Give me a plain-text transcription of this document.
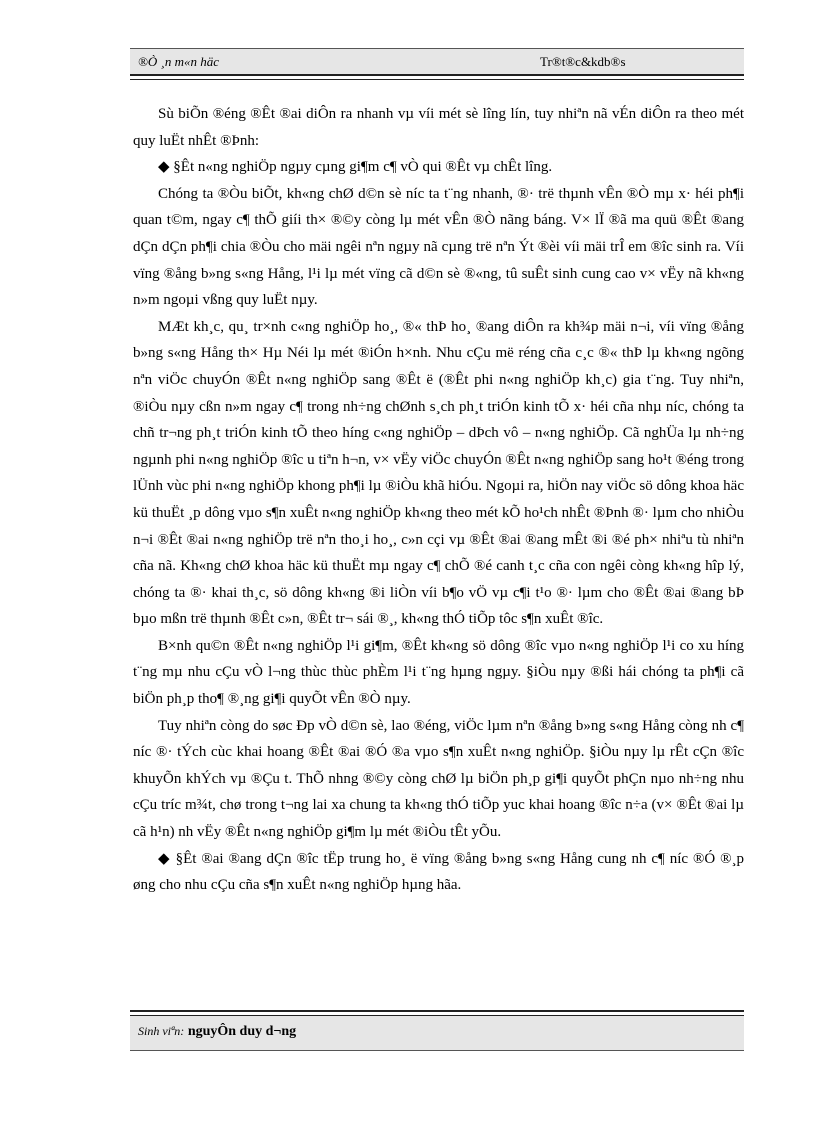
®Ò ¸n m«n häc	Tr®t®c&kdb®s

Sù biÕn ®éng ®Êt ®ai diÔn ra nhanh vµ víi mét sè lîng lín, tuy nhiªn nã vÉn diÔn ra theo mét quy luËt nhÊt ®Þnh:

◆ §Êt n«ng nghiÖp ngµy cµng gi¶m c¶ vÒ qui ®Êt vµ chÊt lîng.

Chóng ta ®Òu biÕt, kh«ng chØ d©n sè níc ta t¨ng nhanh, ®· trë thµnh vÊn ®Ò mµ x· héi ph¶i quan t©m, ngay c¶ thÕ giíi th× ®©y còng lµ mét vÊn ®Ò nãng báng. V× lÏ ®ã ma quü ®Êt ®ang dÇn dÇn ph¶i chia ®Òu cho mäi ngêi nªn ngµy nã cµng trë nªn Ýt ®èi víi mäi trÎ em ®îc sinh ra. Víi vïng ®ång b»ng s«ng Hång, l¹i lµ mét vïng cã d©n sè ®«ng, tû suÊt sinh cung cao v× vËy nã kh«ng n»m ngoµi vßng quy luËt nµy.

MÆt kh¸c, qu¸ tr×nh c«ng nghiÖp ho¸, ®« thÞ ho¸ ®ang diÔn ra kh¾p mäi n¬i, víi vïng ®ång b»ng s«ng Hång th× Hµ Néi lµ mét ®iÓn h×nh. Nhu cÇu më réng cña c¸c ®« thÞ lµ kh«ng ngõng nªn viÖc chuyÓn ®Êt n«ng nghiÖp sang ®Êt ë (®Êt phi n«ng nghiÖp kh¸c) gia t¨ng. Tuy nhiªn, ®iÒu nµy cßn n»m ngay c¶ trong nh÷ng chØnh s¸ch ph¸t triÓn kinh tÕ x· héi cña nhµ níc, chóng ta chñ tr¬ng ph¸t triÓn kinh tÕ theo híng c«ng nghiÖp – dÞch vô – n«ng nghiÖp. Cã nghÜa lµ nh÷ng ngµnh phi n«ng nghiÖp ®îc u tiªn h¬n, v× vËy viÖc chuyÓn ®Êt n«ng nghiÖp sang ho¹t ®éng trong lÜnh vùc phi n«ng nghiÖp khong ph¶i lµ ®iÒu khã hiÓu. Ngoµi ra, hiÖn nay viÖc sö dông khoa häc kü thuËt ¸p dông vµo s¶n xuÊt n«ng nghiÖp kh«ng theo mét kÕ ho¹ch nhÊt ®Þnh ®· lµm cho nhiÒu n¬i ®Êt ®ai n«ng nghiÖp trë nªn tho¸i ho¸, c»n cçi vµ ®Êt ®ai ®ang mÊt ®i ®é ph× nhiªu tù nhiªn cña nã. Kh«ng chØ khoa häc kü thuËt mµ ngay c¶ chÕ ®é canh t¸c cña con ngêi còng kh«ng hîp lý, chóng ta ®· khai th¸c, sö dông kh«ng ®i liÒn víi b¶o vÖ vµ c¶i t¹o ®· lµm cho ®Êt ®ai ®ang bÞ bµo mßn trë thµnh ®Êt c»n, ®Êt tr¬ sái ®¸, kh«ng thÓ tiÕp tôc s¶n xuÊt ®îc.

B×nh qu©n ®Êt n«ng nghiÖp l¹i gi¶m, ®Êt kh«ng sö dông ®îc vµo n«ng nghiÖp l¹i co xu híng t¨ng mµ nhu cÇu vÒ l¬ng thùc thùc phÈm l¹i t¨ng hµng ngµy. §iÒu nµy ®ßi hái chóng ta ph¶i cã biÖn ph¸p tho¶ ®¸ng gi¶i quyÕt vÊn ®Ò nµy.

Tuy nhiªn còng do søc Ðp vÒ d©n sè, lao ®éng, viÖc lµm nªn ®ång b»ng s«ng Hång còng nh c¶ níc ®· tÝch cùc khai hoang ®Êt ®ai ®Ó ®a vµo s¶n xuÊt n«ng nghiÖp. §iÒu nµy lµ rÊt cÇn ®îc khuyÕn khÝch vµ ®Çu t. ThÕ nhng ®©y còng chØ lµ biÖn ph¸p gi¶i quyÕt phÇn nµo nh÷ng nhu cÇu tríc m¾t, chø trong t¬ng lai xa chung ta kh«ng thÓ tiÕp yuc khai hoang ®îc n÷a (v× ®Êt ®ai lµ cã h¹n) nh vËy ®Êt n«ng nghiÖp gi¶m lµ mét ®iÒu tÊt yÕu.

◆ §Êt ®ai ®ang dÇn ®îc tËp trung ho¸ ë vïng ®ång b»ng s«ng Hång cung nh c¶ níc ®Ó ®¸p øng cho nhu cÇu cña s¶n xuÊt n«ng nghiÖp hµng hãa.

Sinh viªn: nguyÔn duy d¬ng
